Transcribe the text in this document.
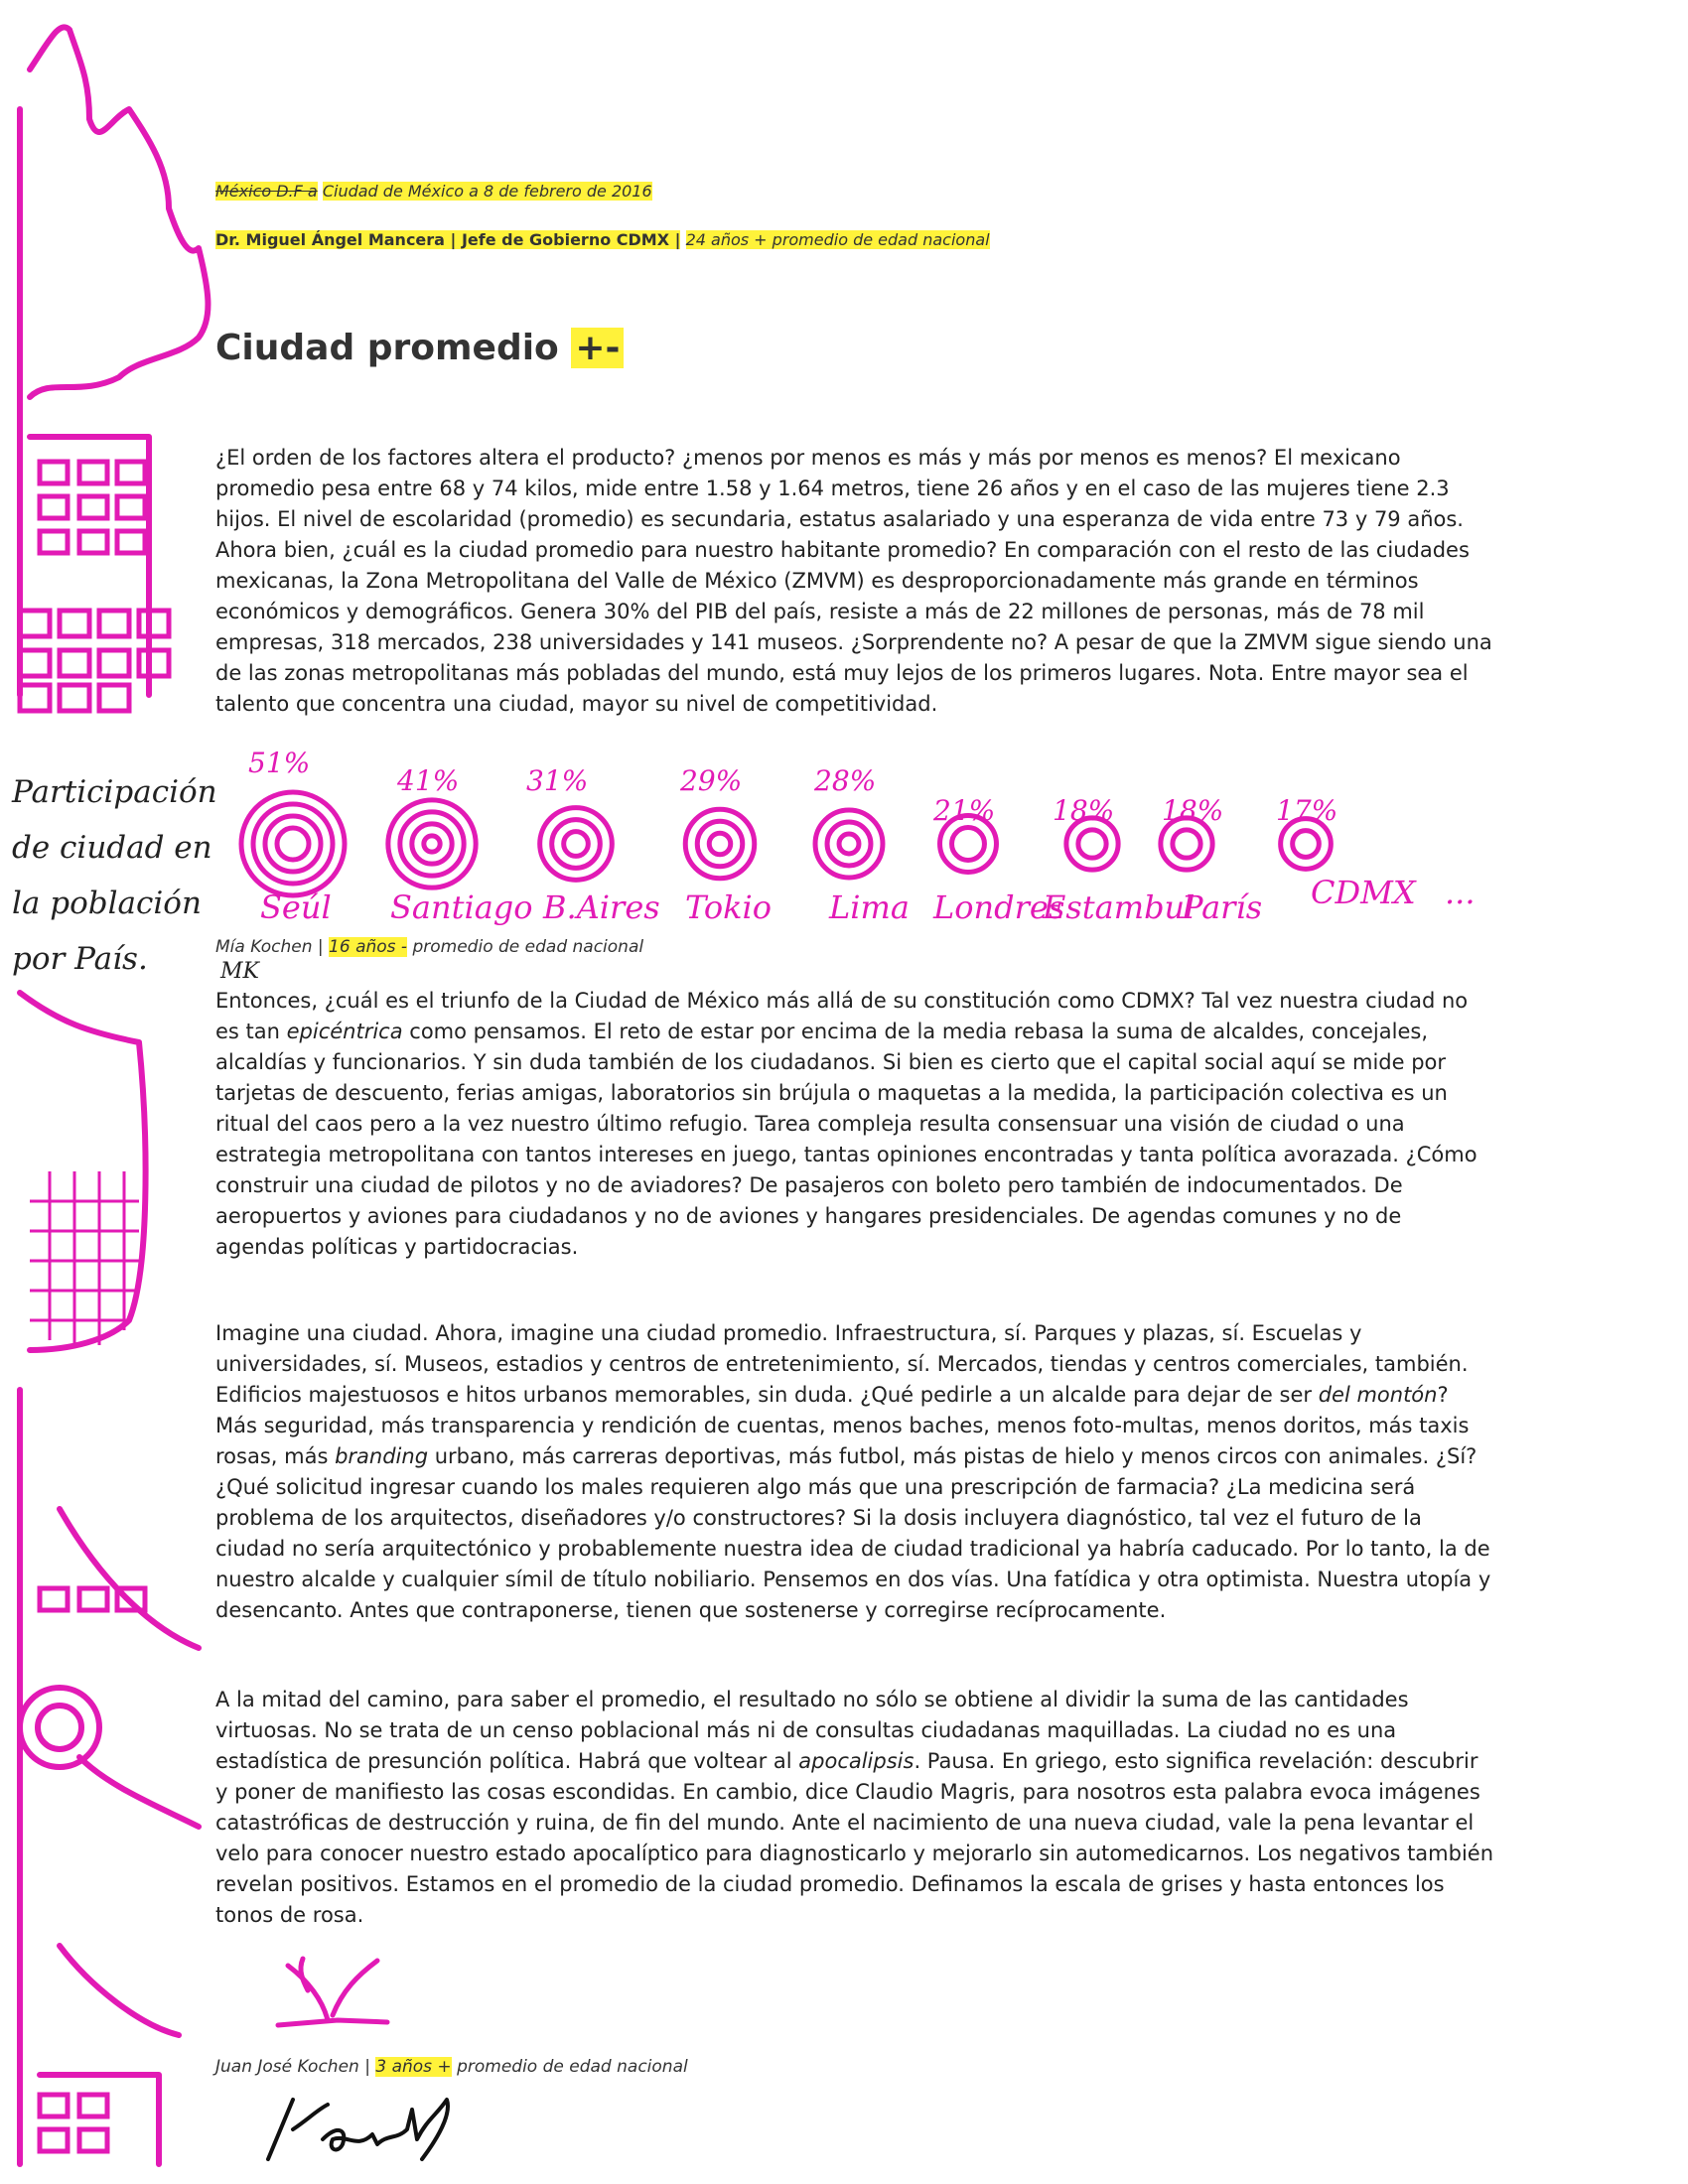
México D.F a Ciudad de México a 8 de febrero de 2016
Dr. Miguel Ángel Mancera | Jefe de Gobierno CDMX | 24 años + promedio de edad nacional
Ciudad promedio +-

¿El orden de los factores altera el producto? ¿menos por menos es más y más por menos es menos? El mexicano promedio pesa entre 68 y 74 kilos, mide entre 1.58 y 1.64 metros, tiene 26 años y en el caso de las mujeres tiene 2.3 hijos. El nivel de escolaridad (promedio) es secundaria, estatus asalariado y una esperanza de vida entre 73 y 79 años. Ahora bien, ¿cuál es la ciudad promedio para nuestro habitante promedio? En comparación con el resto de las ciudades mexicanas, la Zona Metropolitana del Valle de México (ZMVM) es desproporcionadamente más grande en términos económicos y demográficos. Genera 30% del PIB del país, resiste a más de 22 millones de personas, más de 78 mil empresas, 318 mercados, 238 universidades y 141 museos. ¿Sorprendente no? A pesar de que la ZMVM sigue siendo una de las zonas metropolitanas más pobladas del mundo, está muy lejos de los primeros lugares. Nota. Entre mayor sea el talento que concentra una ciudad, mayor su nivel de competitividad.

51%
Seúl
41%
Santiago
31%
B.Aires
29%
Tokio
28%
Lima
21%
Londres
18%
Estambul
18%
París
17%
CDMX ...
Mía Kochen | 16 años - promedio de edad nacional
MK

Entonces, ¿cuál es el triunfo de la Ciudad de México más allá de su constitución como CDMX? Tal vez nuestra ciudad no es tan epicéntrica como pensamos. El reto de estar por encima de la media rebasa la suma de alcaldes, concejales, alcaldías y funcionarios. Y sin duda también de los ciudadanos. Si bien es cierto que el capital social aquí se mide por tarjetas de descuento, ferias amigas, laboratorios sin brújula o maquetas a la medida, la participación colectiva es un ritual del caos pero a la vez nuestro último refugio. Tarea compleja resulta consensuar una visión de ciudad o una estrategia metropolitana con tantos intereses en juego, tantas opiniones encontradas y tanta política avorazada. ¿Cómo construir una ciudad de pilotos y no de aviadores? De pasajeros con boleto pero también de indocumentados. De aeropuertos y aviones para ciudadanos y no de aviones y hangares presidenciales. De agendas comunes y no de agendas políticas y partidocracias.

Imagine una ciudad. Ahora, imagine una ciudad promedio. Infraestructura, sí. Parques y plazas, sí. Escuelas y universidades, sí. Museos, estadios y centros de entretenimiento, sí. Mercados, tiendas y centros comerciales, también. Edificios majestuosos e hitos urbanos memorables, sin duda. ¿Qué pedirle a un alcalde para dejar de ser del montón? Más seguridad, más transparencia y rendición de cuentas, menos baches, menos foto-multas, menos doritos, más taxis rosas, más branding urbano, más carreras deportivas, más futbol, más pistas de hielo y menos circos con animales. ¿Sí? ¿Qué solicitud ingresar cuando los males requieren algo más que una prescripción de farmacia? ¿La medicina será problema de los arquitectos, diseñadores y/o constructores? Si la dosis incluyera diagnóstico, tal vez el futuro de la ciudad no sería arquitectónico y probablemente nuestra idea de ciudad tradicional ya habría caducado. Por lo tanto, la de nuestro alcalde y cualquier símil de título nobiliario. Pensemos en dos vías. Una fatídica y otra optimista. Nuestra utopía y desencanto. Antes que contraponerse, tienen que sostenerse y corregirse recíprocamente.

A la mitad del camino, para saber el promedio, el resultado no sólo se obtiene al dividir la suma de las cantidades virtuosas. No se trata de un censo poblacional más ni de consultas ciudadanas maquilladas. La ciudad no es una estadística de presunción política. Habrá que voltear al apocalipsis. Pausa. En griego, esto significa revelación: descubrir y poner de manifiesto las cosas escondidas. En cambio, dice Claudio Magris, para nosotros esta palabra evoca imágenes catastróficas de destrucción y ruina, de fin del mundo. Ante el nacimiento de una nueva ciudad, vale la pena levantar el velo para conocer nuestro estado apocalíptico para diagnosticarlo y mejorarlo sin automedicarnos. Los negativos también revelan positivos. Estamos en el promedio de la ciudad promedio. Definamos la escala de grises y hasta entonces los tonos de rosa.

Juan José Kochen | 3 años + promedio de edad nacional
Participación de ciudad en la población por País.
